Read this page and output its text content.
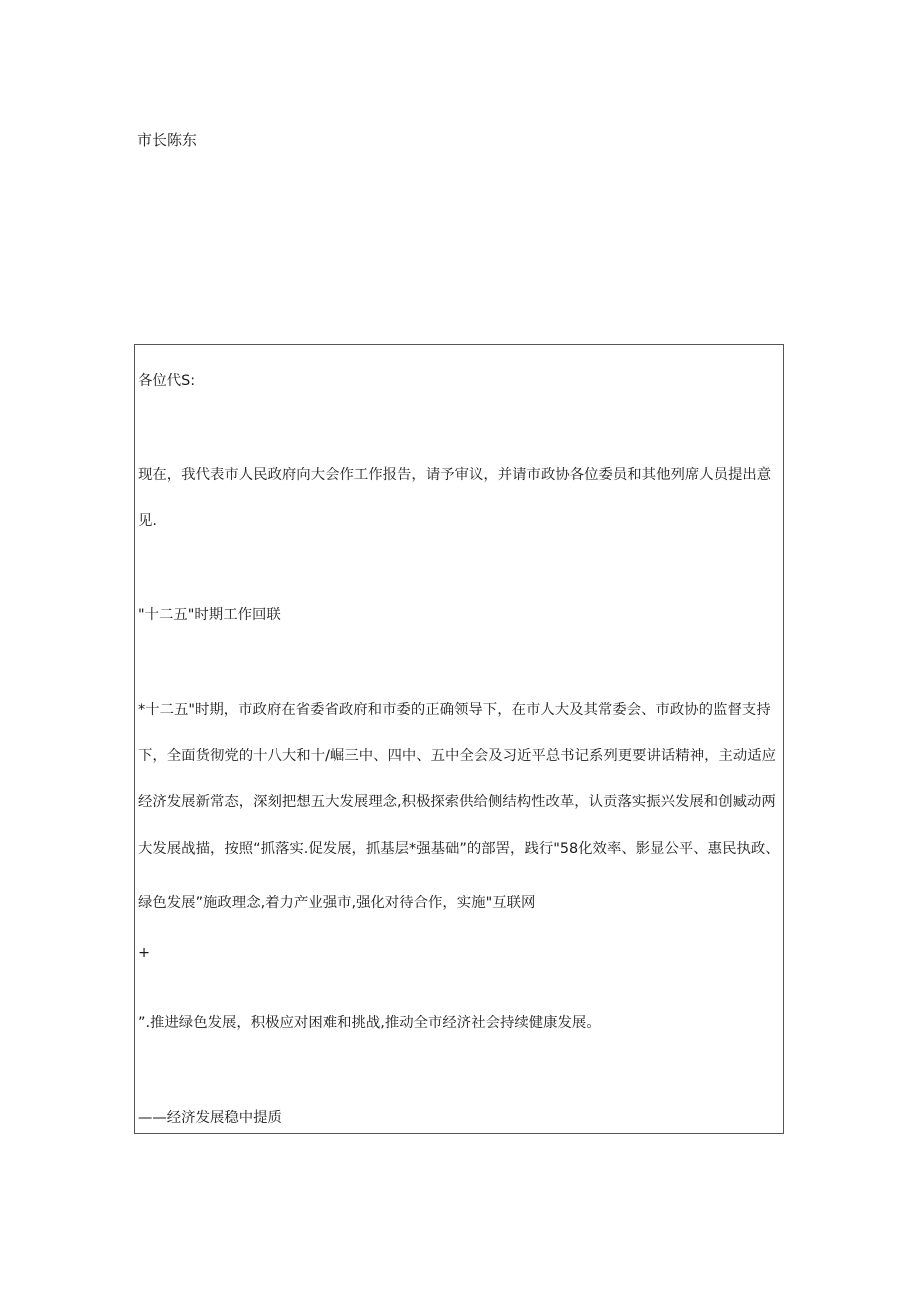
市长陈东
各位代S:
现在，我代表市人民政府向大会作工作报告，请予审议，并请市政协各位委员和其他列席人员提出意
见.
"十二五"时期工作回联
*十二五"时期，市政府在省委省政府和市委的正确领导下，在市人大及其常委会、市政协的监督支持
下，全面货彻党的十八大和十/崛三中、四中、五中全会及习近平总书记系列更要讲话精神，主动适应
经济发展新常态，深刻把想五大发展理念,积极探索供给侧结构性改革，认贡落实振兴发展和创臧动两
大发展战描，按照“抓落实.促发展，抓基层*强基础”的部罟，践行"58化效率、影显公平、惠民执政、
绿色发展”施政理念,着力产业强市,强化对待合作，实施"互联网
+
”.推进绿色发展，积极应对困难和挑战,推动全市经济社会持续健康发展。
——经济发展稳中提质
